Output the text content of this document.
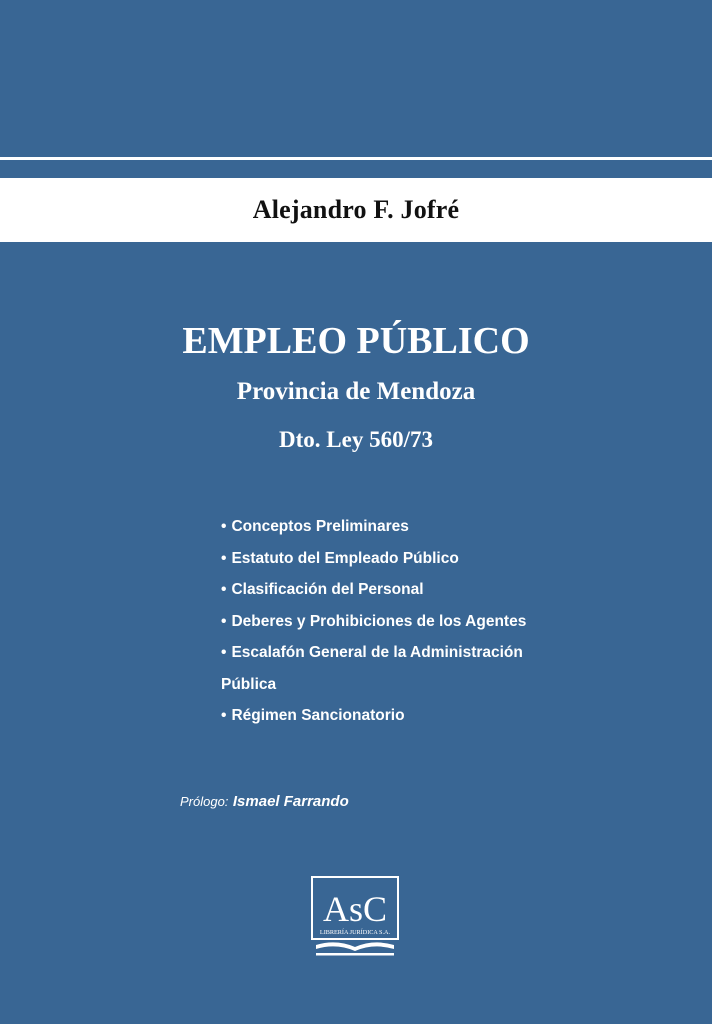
Alejandro F. Jofré
EMPLEO PÚBLICO
Provincia de Mendoza
Dto. Ley 560/73
• Conceptos Preliminares
• Estatuto del Empleado Público
• Clasificación del Personal
• Deberes y Prohibiciones de los Agentes
• Escalafón General de la Administración
Pública
• Régimen Sancionatorio
Prólogo: Ismael Farrando
AsC
LIBRERÍA JURÍDICA S.A.
